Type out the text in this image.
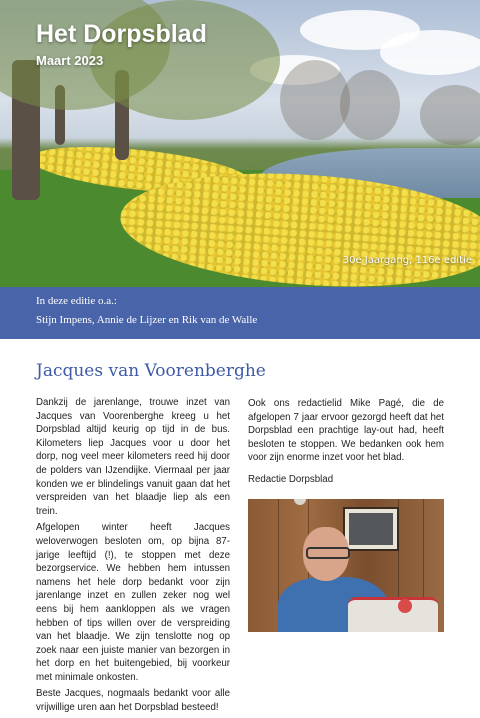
Het Dorpsblad
Maart 2023
30e Jaargang, 116e editie
In deze editie o.a.:
Stijn Impens, Annie de Lijzer en Rik van de Walle
Jacques van Voorenberghe

Dankzij de jarenlange, trouwe inzet van Jacques van Voorenberghe kreeg u het Dorpsblad altijd keurig op tijd in de bus. Kilometers liep Jacques voor u door het dorp, nog veel meer kilometers reed hij door de polders van IJzendijke. Viermaal per jaar konden we er blindelings vanuit gaan dat het verspreiden van het blaadje liep als een trein.

Afgelopen winter heeft Jacques weloverwogen besloten om, op bijna 87-jarige leeftijd (!), te stoppen met deze bezorgservice. We hebben hem intussen namens het hele dorp bedankt voor zijn jarenlange inzet en zullen zeker nog wel eens bij hem aankloppen als we vragen hebben of tips willen over de verspreiding van het blaadje. We zijn tenslotte nog op zoek naar een juiste manier van bezorgen in het dorp en het buitengebied, bij voorkeur met minimale onkosten.

Beste Jacques, nogmaals bedankt voor alle vrijwillige uren aan het Dorpsblad besteed!

Ook ons redactielid Mike Pagé, die de afgelopen 7 jaar ervoor gezorgd heeft dat het Dorpsblad een prachtige lay-out had, heeft besloten te stoppen. We bedanken ook hem voor zijn enorme inzet voor het blad.

Redactie Dorpsblad
